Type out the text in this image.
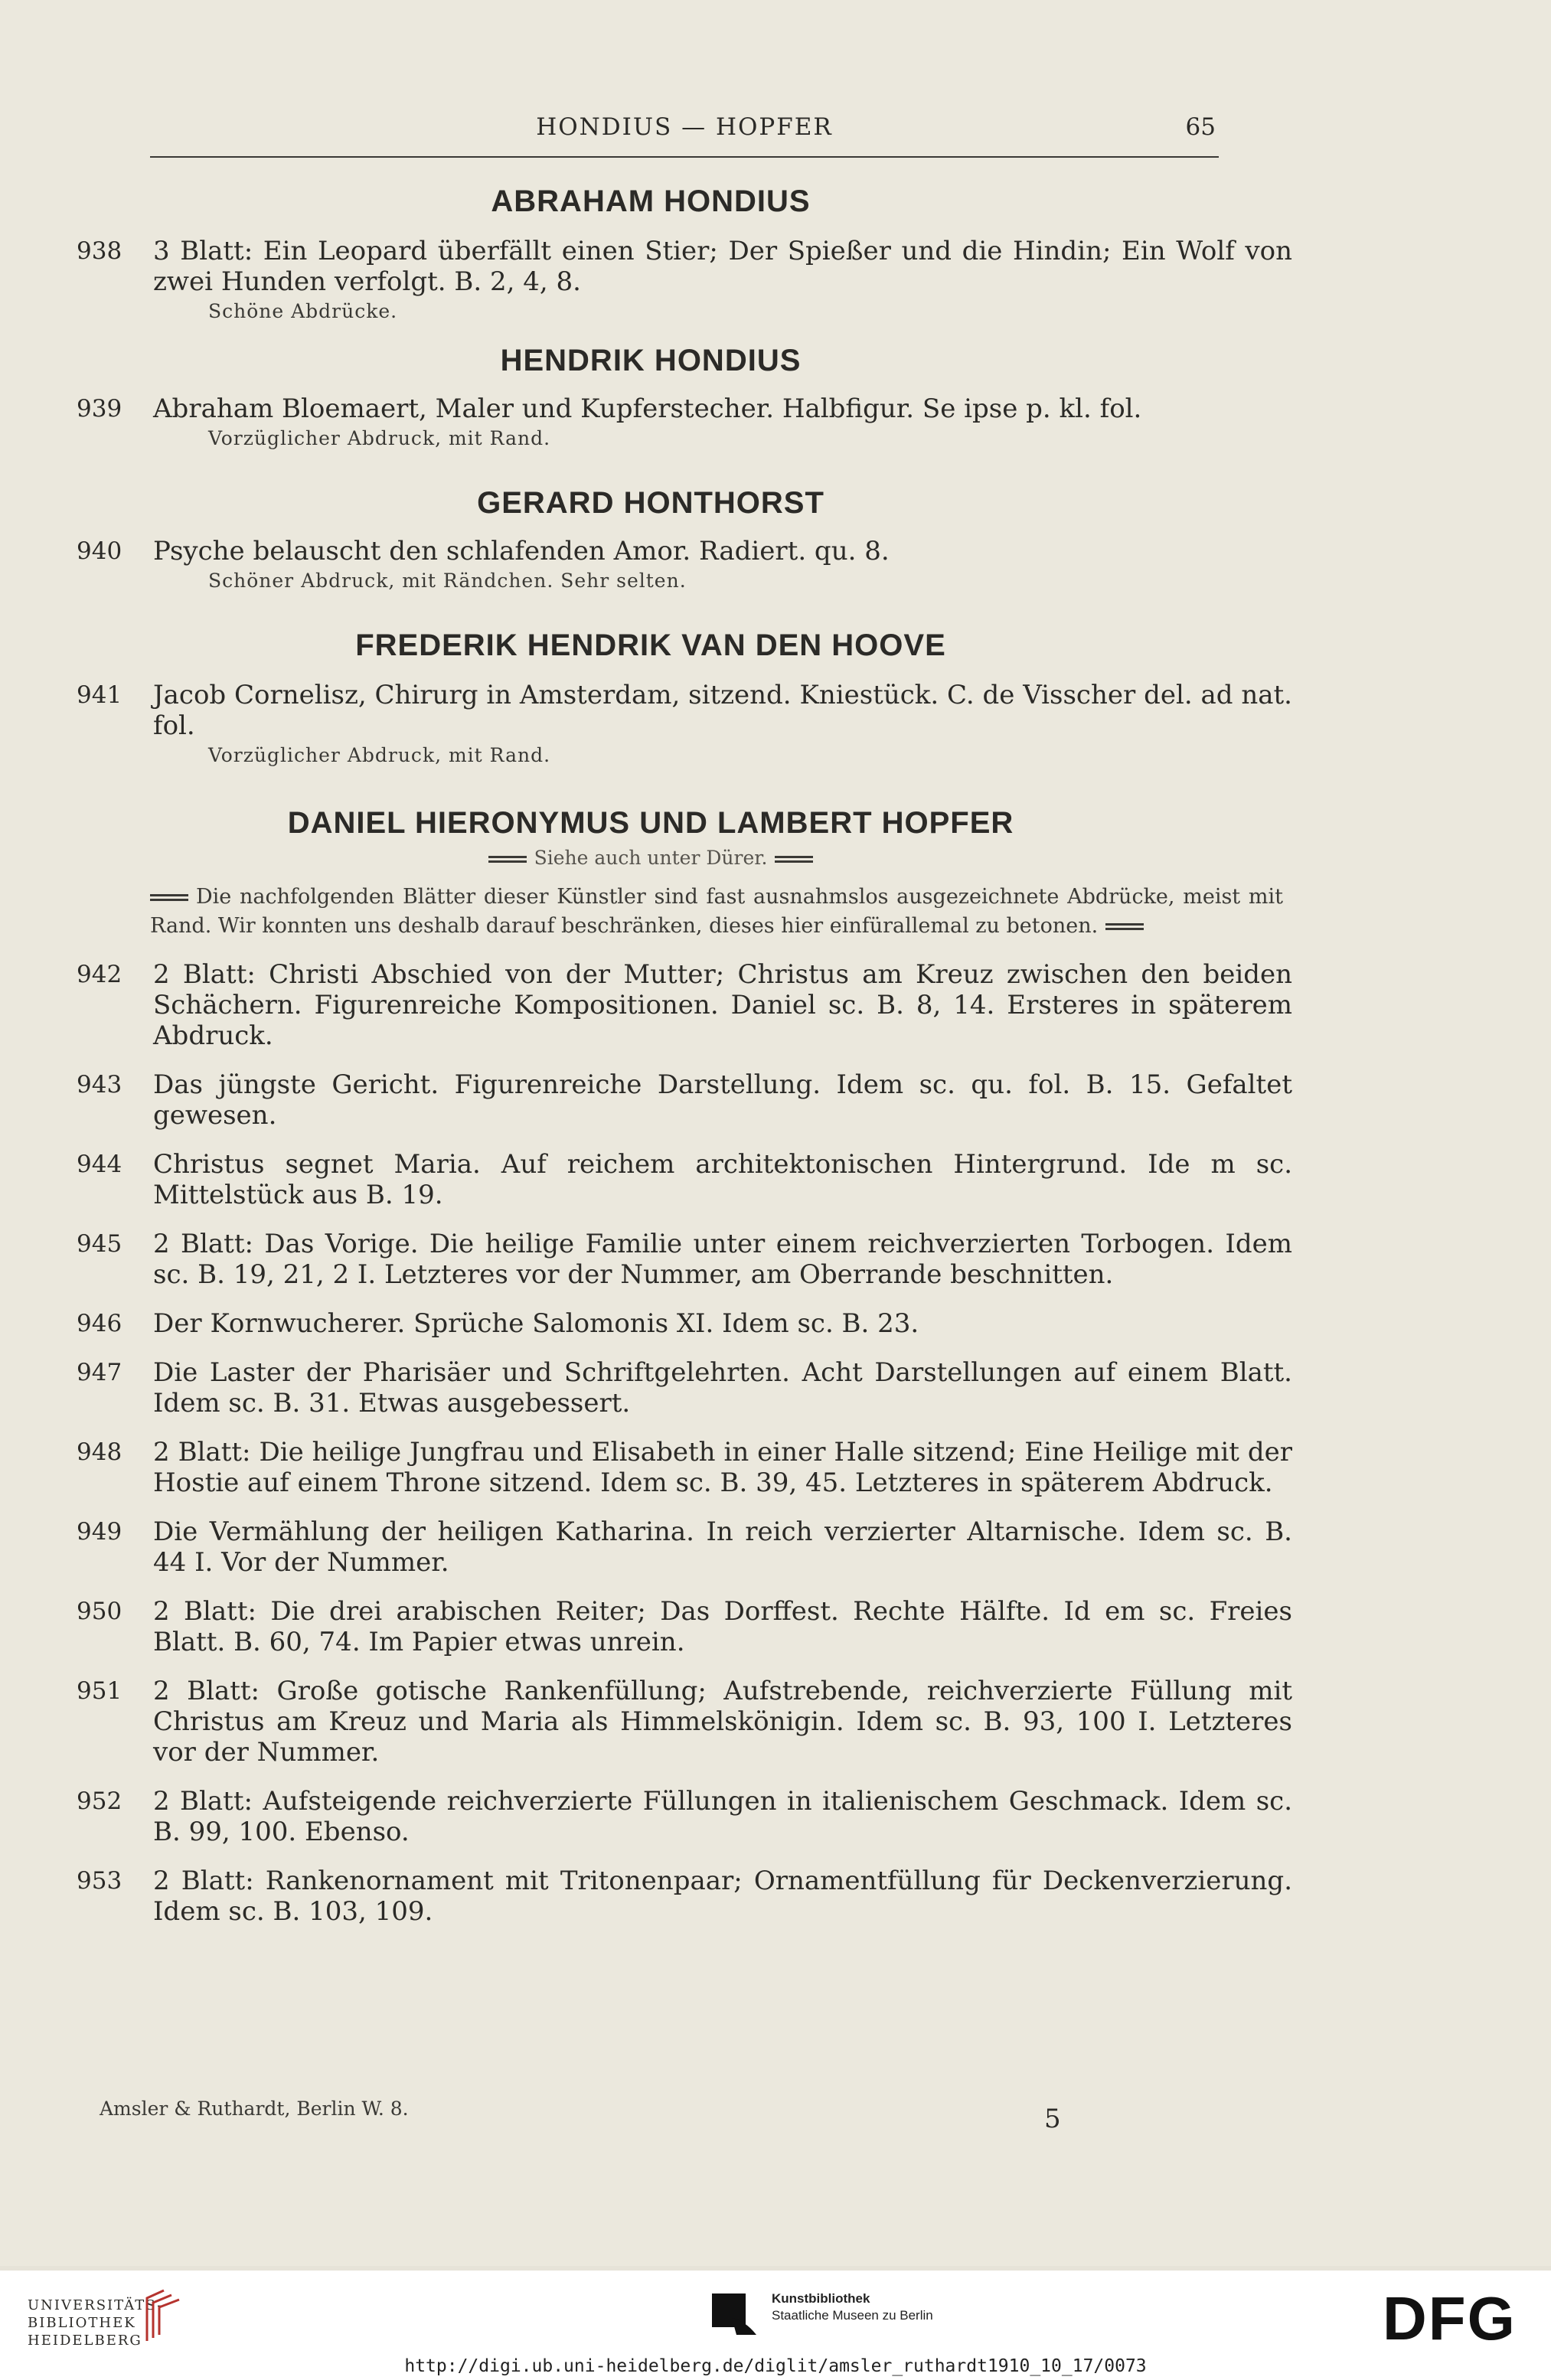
HONDIUS — HOPFER	65
ABRAHAM HONDIUS
938 3 Blatt: Ein Leopard überfällt einen Stier; Der Spießer und die Hindin; Ein Wolf von zwei Hunden verfolgt. B. 2, 4, 8.
Schöne Abdrücke.
HENDRIK HONDIUS
939 Abraham Bloemaert, Maler und Kupferstecher. Halbfigur. Se ipse p. kl. fol.
Vorzüglicher Abdruck, mit Rand.
GERARD HONTHORST
940 Psyche belauscht den schlafenden Amor. Radiert. qu. 8.
Schöner Abdruck, mit Rändchen. Sehr selten.
FREDERIK HENDRIK VAN DEN HOOVE
941 Jacob Cornelisz, Chirurg in Amsterdam, sitzend. Kniestück. C. de Visscher del. ad nat. fol.
Vorzüglicher Abdruck, mit Rand.
DANIEL HIERONYMUS UND LAMBERT HOPFER
Siehe auch unter Dürer.
Die nachfolgenden Blätter dieser Künstler sind fast ausnahmslos ausgezeichnete Abdrücke, meist mit Rand. Wir konnten uns deshalb darauf beschränken, dieses hier einfürallemal zu betonen.
942 2 Blatt: Christi Abschied von der Mutter; Christus am Kreuz zwischen den beiden Schächern. Figurenreiche Kompositionen. Daniel sc. B. 8, 14. Ersteres in späterem Abdruck.
943 Das jüngste Gericht. Figurenreiche Darstellung. Idem sc. qu. fol. B. 15. Gefaltet gewesen.
944 Christus segnet Maria. Auf reichem architektonischen Hintergrund. Ide m sc. Mittelstück aus B. 19.
945 2 Blatt: Das Vorige. Die heilige Familie unter einem reichverzierten Torbogen. Idem sc. B. 19, 21, 2 I. Letzteres vor der Nummer, am Oberrande beschnitten.
946 Der Kornwucherer. Sprüche Salomonis XI. Idem sc. B. 23.
947 Die Laster der Pharisäer und Schriftgelehrten. Acht Darstellungen auf einem Blatt. Idem sc. B. 31. Etwas ausgebessert.
948 2 Blatt: Die heilige Jungfrau und Elisabeth in einer Halle sitzend; Eine Heilige mit der Hostie auf einem Throne sitzend. Idem sc. B. 39, 45. Letzteres in späterem Abdruck.
949 Die Vermählung der heiligen Katharina. In reich verzierter Altarnische. Idem sc. B. 44 I. Vor der Nummer.
950 2 Blatt: Die drei arabischen Reiter; Das Dorffest. Rechte Hälfte. Id em sc. Freies Blatt. B. 60, 74. Im Papier etwas unrein.
951 2 Blatt: Große gotische Rankenfüllung; Aufstrebende, reichverzierte Füllung mit Christus am Kreuz und Maria als Himmelskönigin. Idem sc. B. 93, 100 I. Letzteres vor der Nummer.
952 2 Blatt: Aufsteigende reichverzierte Füllungen in italienischem Geschmack. Idem sc. B. 99, 100. Ebenso.
953 2 Blatt: Rankenornament mit Tritonenpaar; Ornamentfüllung für Deckenverzierung. Idem sc. B. 103, 109.
Amsler & Ruthardt, Berlin W. 8.	5
UNIVERSITÄTS-
BIBLIOTHEK
HEIDELBERG
Kunstbibliothek
Staatliche Museen zu Berlin	DFG
http://digi.ub.uni-heidelberg.de/diglit/amsler_ruthardt1910_10_17/0073
